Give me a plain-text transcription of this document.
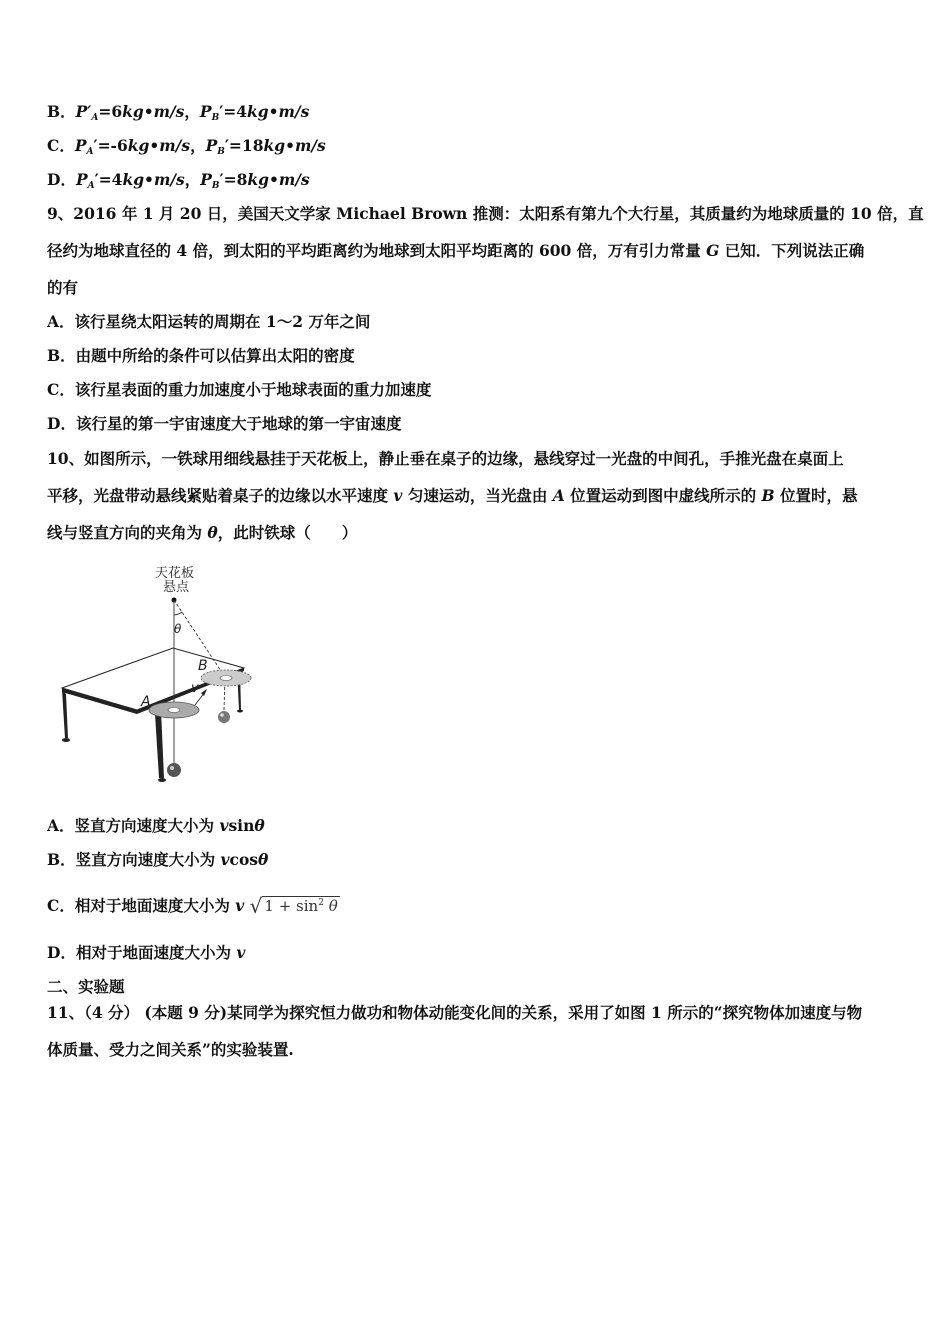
B．$P'_A=6kg•m/s$，$P_B'=4kg•m/s$
C．$P_A'=-6kg•m/s$，$P_B'=18kg•m/s$
D．$P_A'=4kg•m/s$，$P_B'=8kg•m/s$
9、2016 年 1 月 20 日，美国天文学家 Michael Brown 推测：太阳系有第九个大行星，其质量约为地球质量的 10 倍，直
径约为地球直径的 4 倍，到太阳的平均距离约为地球到太阳平均距离的 600 倍，万有引力常量 G 已知．下列说法正确
的有
A．该行星绕太阳运转的周期在 1～2 万年之间
B．由题中所给的条件可以估算出太阳的密度
C．该行星表面的重力加速度小于地球表面的重力加速度
D．该行星的第一宇宙速度大于地球的第一宇宙速度
10、如图所示，一铁球用细线悬挂于天花板上，静止垂在桌子的边缘，悬线穿过一光盘的中间孔，手推光盘在桌面上
平移，光盘带动悬线紧贴着桌子的边缘以水平速度 v 匀速运动，当光盘由 A 位置运动到图中虚线所示的 B 位置时，悬
线与竖直方向的夹角为 θ，此时铁球（　　）
天花板
悬点
θ
A
B
v
A．竖直方向速度大小为 vsinθ
B．竖直方向速度大小为 vcosθ
C．相对于地面速度大小为 v √ $1 + \sin^2 \theta$
D．相对于地面速度大小为 v
二、实验题
11、（4 分） (本题 9 分)某同学为探究恒力做功和物体动能变化间的关系，采用了如图 1 所示的“探究物体加速度与物
体质量、受力之间关系”的实验装置.
